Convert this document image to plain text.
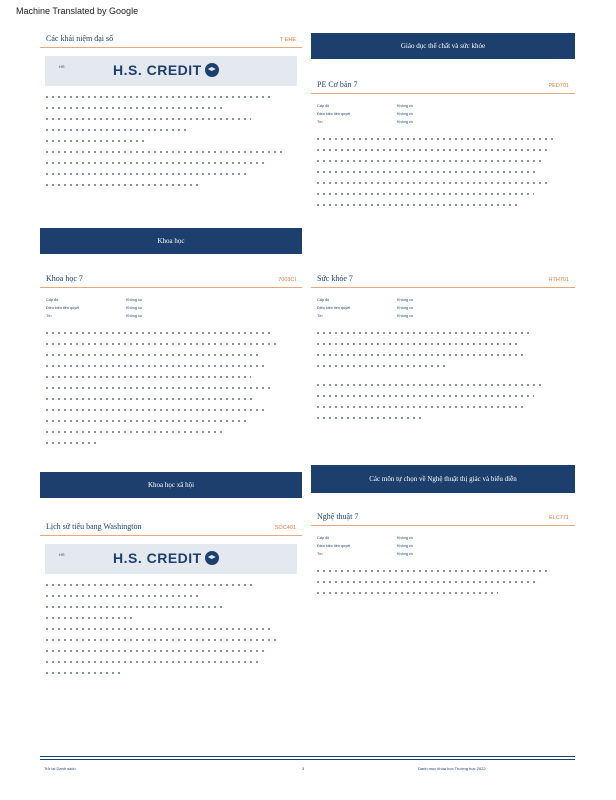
Machine Translated by Google
Các khái niệm đại số	T ЕНЕ
HS	H.S. CREDIT
Khoa học
Khoa học 7	7003CI
Cấp độ	Không có
Điều kiện tiên quyết	Không có
Tín	Không có
Khoa học xã hội
Lịch sử tiểu bang Washington	SOC401
HS	H.S. CREDIT
Giáo dục thể chất và sức khỏe
PE Cơ bản 7	PED701
Cấp độ	Không có
Điều kiện tiên quyết	Không có
Tín	Không có
Sức khỏe 7	HTH701
Cấp độ	Không có
Điều kiện tiên quyết	Không có
Tín	Không có
Các môn tự chọn về Nghệ thuật thị giác và biểu diễn
Nghệ thuật 7	ELC771
Cấp độ	Không có
Điều kiện tiên quyết	Không có
Tín	Không có
Trở lại Danh sách	3	Danh mục khóa học Trường học 2022
